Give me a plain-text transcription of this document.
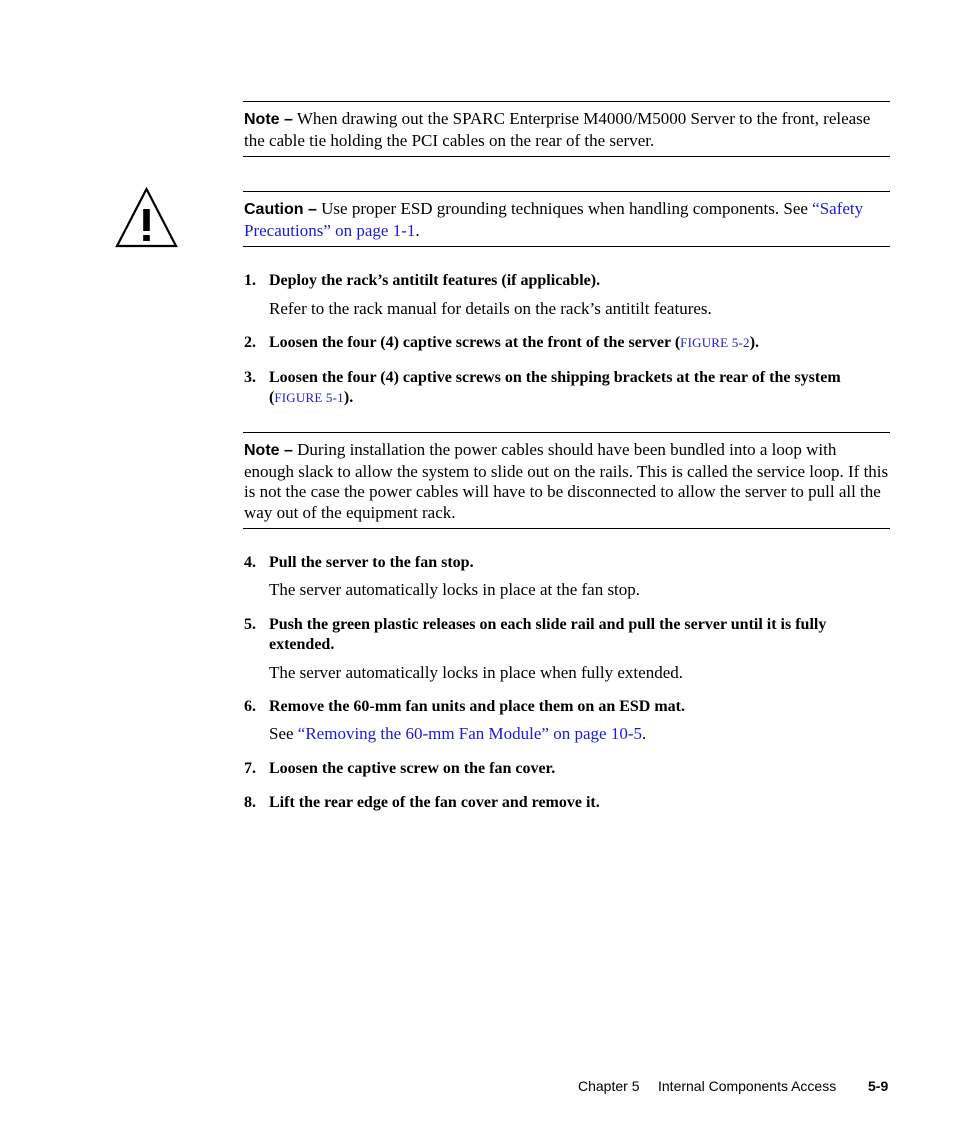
Note – When drawing out the SPARC Enterprise M4000/M5000 Server to the front, release the cable tie holding the PCI cables on the rear of the server.
Caution – Use proper ESD grounding techniques when handling components. See “Safety Precautions” on page 1-1.
1. Deploy the rack’s antitilt features (if applicable).
Refer to the rack manual for details on the rack’s antitilt features.
2. Loosen the four (4) captive screws at the front of the server (FIGURE 5-2).
3. Loosen the four (4) captive screws on the shipping brackets at the rear of the system (FIGURE 5-1).
Note – During installation the power cables should have been bundled into a loop with enough slack to allow the system to slide out on the rails. This is called the service loop. If this is not the case the power cables will have to be disconnected to allow the server to pull all the way out of the equipment rack.
4. Pull the server to the fan stop.
The server automatically locks in place at the fan stop.
5. Push the green plastic releases on each slide rail and pull the server until it is fully extended.
The server automatically locks in place when fully extended.
6. Remove the 60-mm fan units and place them on an ESD mat.
See “Removing the 60-mm Fan Module” on page 10-5.
7. Loosen the captive screw on the fan cover.
8. Lift the rear edge of the fan cover and remove it.
Chapter 5 Internal Components Access 5-9
